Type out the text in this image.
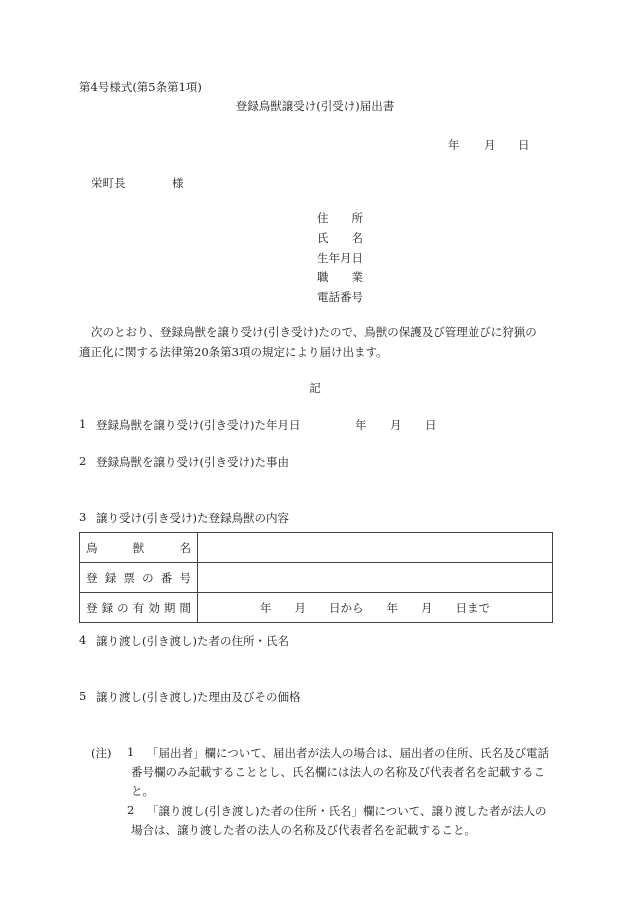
第4号様式(第5条第1項)
登録鳥獣譲受け(引受け)届出書
年 月 日
栄町長	様
住　　所
氏　　名
生年月日
職　　業
電話番号
次のとおり、登録鳥獣を譲り受け(引き受け)たので、鳥獣の保護及び管理並びに狩猟の
適正化に関する法律第20条第3項の規定により届け出ます。
記
1 登録鳥獣を譲り受け(引き受け)た年月日	年 月 日
2 登録鳥獣を譲り受け(引き受け)た事由
3 譲り受け(引き受け)た登録鳥獣の内容
鳥獣名	
登録票の番号	
登録の有効期間	年　　月　　日から　　年　　月　　日まで
4 譲り渡し(引き渡し)た者の住所・氏名
5 譲り渡し(引き渡し)た理由及びその価格
(注) 1 「届出者」欄について、届出者が法人の場合は、届出者の住所、氏名及び電話
番号欄のみ記載することとし、氏名欄には法人の名称及び代表者名を記載するこ
と。
2 「譲り渡し(引き渡し)た者の住所・氏名」欄について、譲り渡した者が法人の
場合は、譲り渡した者の法人の名称及び代表者名を記載すること。
